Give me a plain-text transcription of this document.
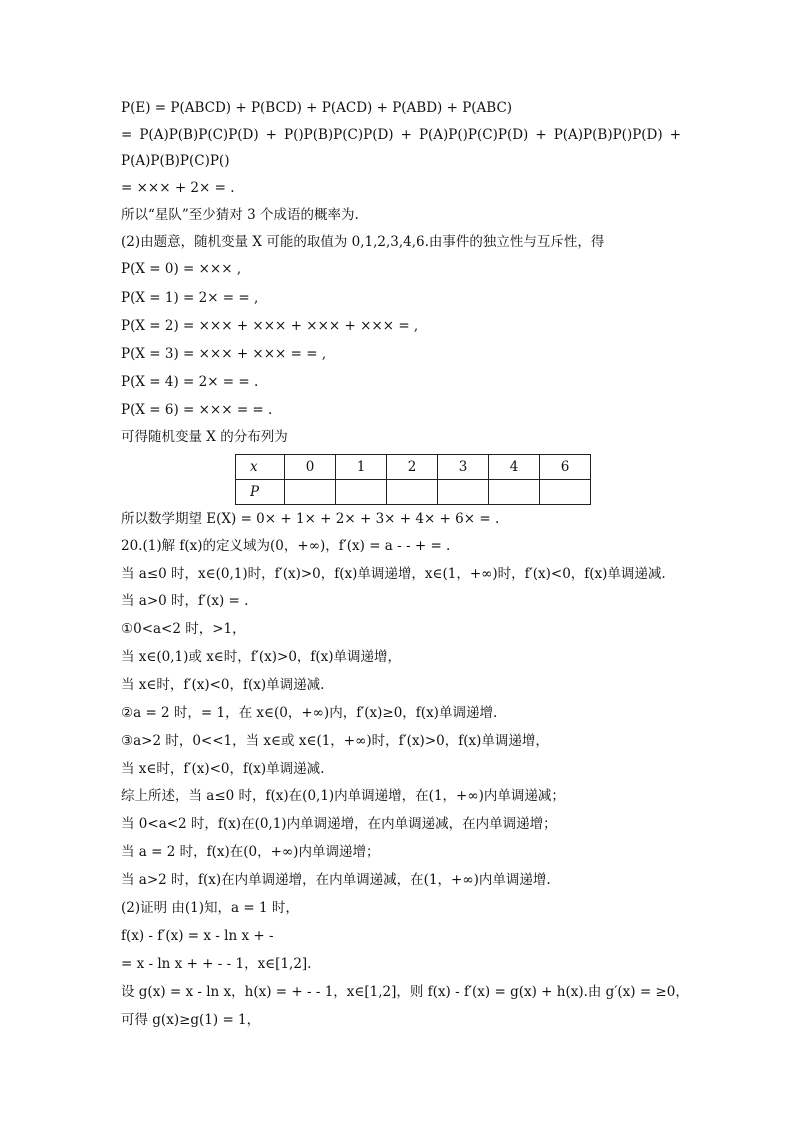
P(E) = P(ABCD) + P(BCD) + P(ACD) + P(ABD) + P(ABC)
= P(A)P(B)P(C)P(D) + P()P(B)P(C)P(D) + P(A)P()P(C)P(D) + P(A)P(B)P()P(D) +
P(A)P(B)P(C)P()
= ××× + 2× = .
所以“星队”至少猜对 3 个成语的概率为.
(2)由题意，随机变量 X 可能的取值为 0,1,2,3,4,6.由事件的独立性与互斥性，得
P(X = 0) = ××× ,
P(X = 1) = 2× = = ,
P(X = 2) = ××× + ××× + ××× + ××× = ,
P(X = 3) = ××× + ××× = = ,
P(X = 4) = 2× = = .
P(X = 6) = ××× = = .
可得随机变量 X 的分布列为
x	0	1	2	3	4	6
P						
所以数学期望 E(X) = 0× + 1× + 2× + 3× + 4× + 6× = .
20.(1)解 f(x)的定义域为(0，+∞)，f′(x) = a - - + = .
当 a≤0 时，x∈(0,1)时，f′(x)>0，f(x)单调递增，x∈(1，+∞)时，f′(x)<0，f(x)单调递减.
当 a>0 时，f′(x) = .
①0<a<2 时，>1，
当 x∈(0,1)或 x∈时，f′(x)>0，f(x)单调递增，
当 x∈时，f′(x)<0，f(x)单调递减.
②a = 2 时，= 1，在 x∈(0，+∞)内，f′(x)≥0，f(x)单调递增.
③a>2 时，0<<1，当 x∈或 x∈(1，+∞)时，f′(x)>0，f(x)单调递增，
当 x∈时，f′(x)<0，f(x)单调递减.
综上所述，当 a≤0 时，f(x)在(0,1)内单调递增，在(1，+∞)内单调递减；
当 0<a<2 时，f(x)在(0,1)内单调递增，在内单调递减，在内单调递增；
当 a = 2 时，f(x)在(0，+∞)内单调递增；
当 a>2 时，f(x)在内单调递增，在内单调递减，在(1，+∞)内单调递增.
(2)证明 由(1)知，a = 1 时，
f(x) - f′(x) = x - ln x + -
= x - ln x + + - - 1，x∈[1,2].
设 g(x) = x - ln x，h(x) = + - - 1，x∈[1,2]，则 f(x) - f′(x) = g(x) + h(x).由 g′(x) = ≥0，
可得 g(x)≥g(1) = 1，
